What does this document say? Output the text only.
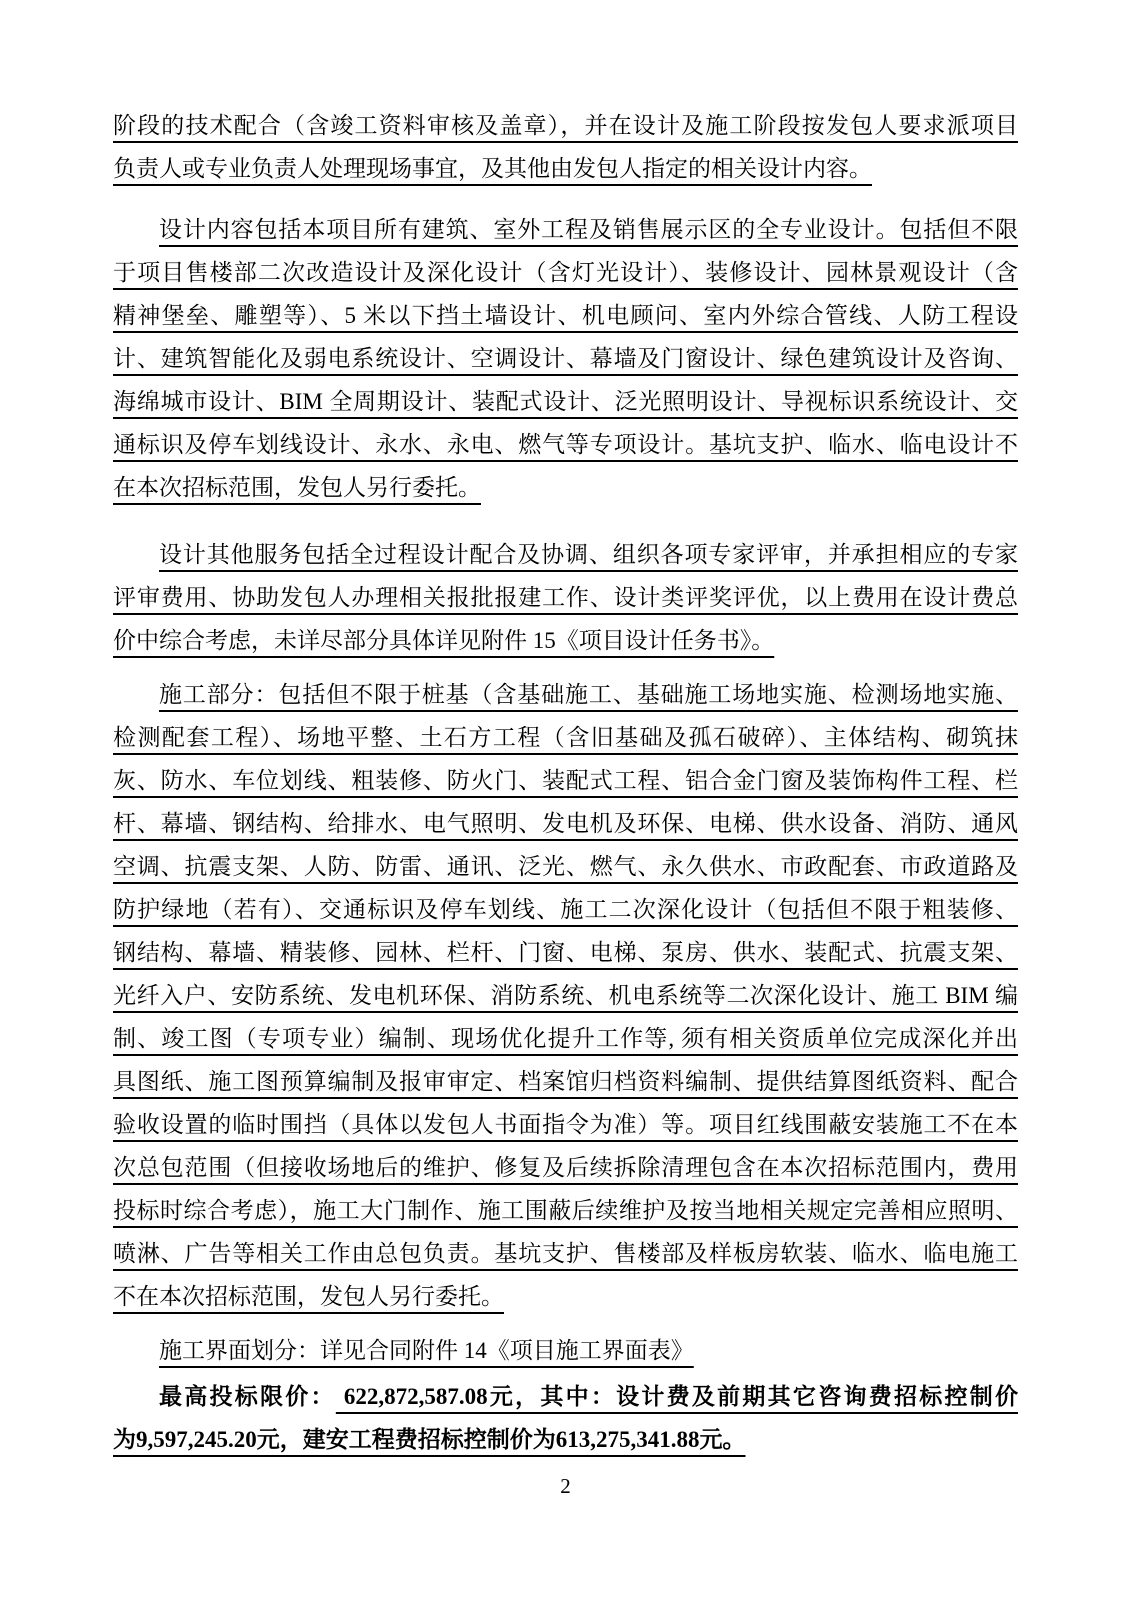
阶段的技术配合（含竣工资料审核及盖章），并在设计及施工阶段按发包人要求派项目
负责人或专业负责人处理现场事宜，及其他由发包人指定的相关设计内容。
设计内容包括本项目所有建筑、室外工程及销售展示区的全专业设计。包括但不限
于项目售楼部二次改造设计及深化设计（含灯光设计）、装修设计、园林景观设计（含
精神堡垒、雕塑等）、5 米以下挡土墙设计、机电顾问、室内外综合管线、人防工程设
计、建筑智能化及弱电系统设计、空调设计、幕墙及门窗设计、绿色建筑设计及咨询、
海绵城市设计、BIM 全周期设计、装配式设计、泛光照明设计、导视标识系统设计、交
通标识及停车划线设计、永水、永电、燃气等专项设计。基坑支护、临水、临电设计不
在本次招标范围，发包人另行委托。
设计其他服务包括全过程设计配合及协调、组织各项专家评审，并承担相应的专家
评审费用、协助发包人办理相关报批报建工作、设计类评奖评优，以上费用在设计费总
价中综合考虑，未详尽部分具体详见附件 15《项目设计任务书》。
施工部分：包括但不限于桩基（含基础施工、基础施工场地实施、检测场地实施、
检测配套工程）、场地平整、土石方工程（含旧基础及孤石破碎）、主体结构、砌筑抹
灰、防水、车位划线、粗装修、防火门、装配式工程、铝合金门窗及装饰构件工程、栏
杆、幕墙、钢结构、给排水、电气照明、发电机及环保、电梯、供水设备、消防、通风
空调、抗震支架、人防、防雷、通讯、泛光、燃气、永久供水、市政配套、市政道路及
防护绿地（若有）、交通标识及停车划线、施工二次深化设计（包括但不限于粗装修、
钢结构、幕墙、精装修、园林、栏杆、门窗、电梯、泵房、供水、装配式、抗震支架、
光纤入户、安防系统、发电机环保、消防系统、机电系统等二次深化设计、施工 BIM 编
制、竣工图（专项专业）编制、现场优化提升工作等, 须有相关资质单位完成深化并出
具图纸、施工图预算编制及报审审定、档案馆归档资料编制、提供结算图纸资料、配合
验收设置的临时围挡（具体以发包人书面指令为准）等。项目红线围蔽安装施工不在本
次总包范围（但接收场地后的维护、修复及后续拆除清理包含在本次招标范围内，费用
投标时综合考虑），施工大门制作、施工围蔽后续维护及按当地相关规定完善相应照明、
喷淋、广告等相关工作由总包负责。基坑支护、售楼部及样板房软装、临水、临电施工
不在本次招标范围，发包人另行委托。
施工界面划分：详见合同附件 14《项目施工界面表》
最高投标限价： 622,872,587.08元，其中：设计费及前期其它咨询费招标控制价
为9,597,245.20元，建安工程费招标控制价为613,275,341.88元。
2
